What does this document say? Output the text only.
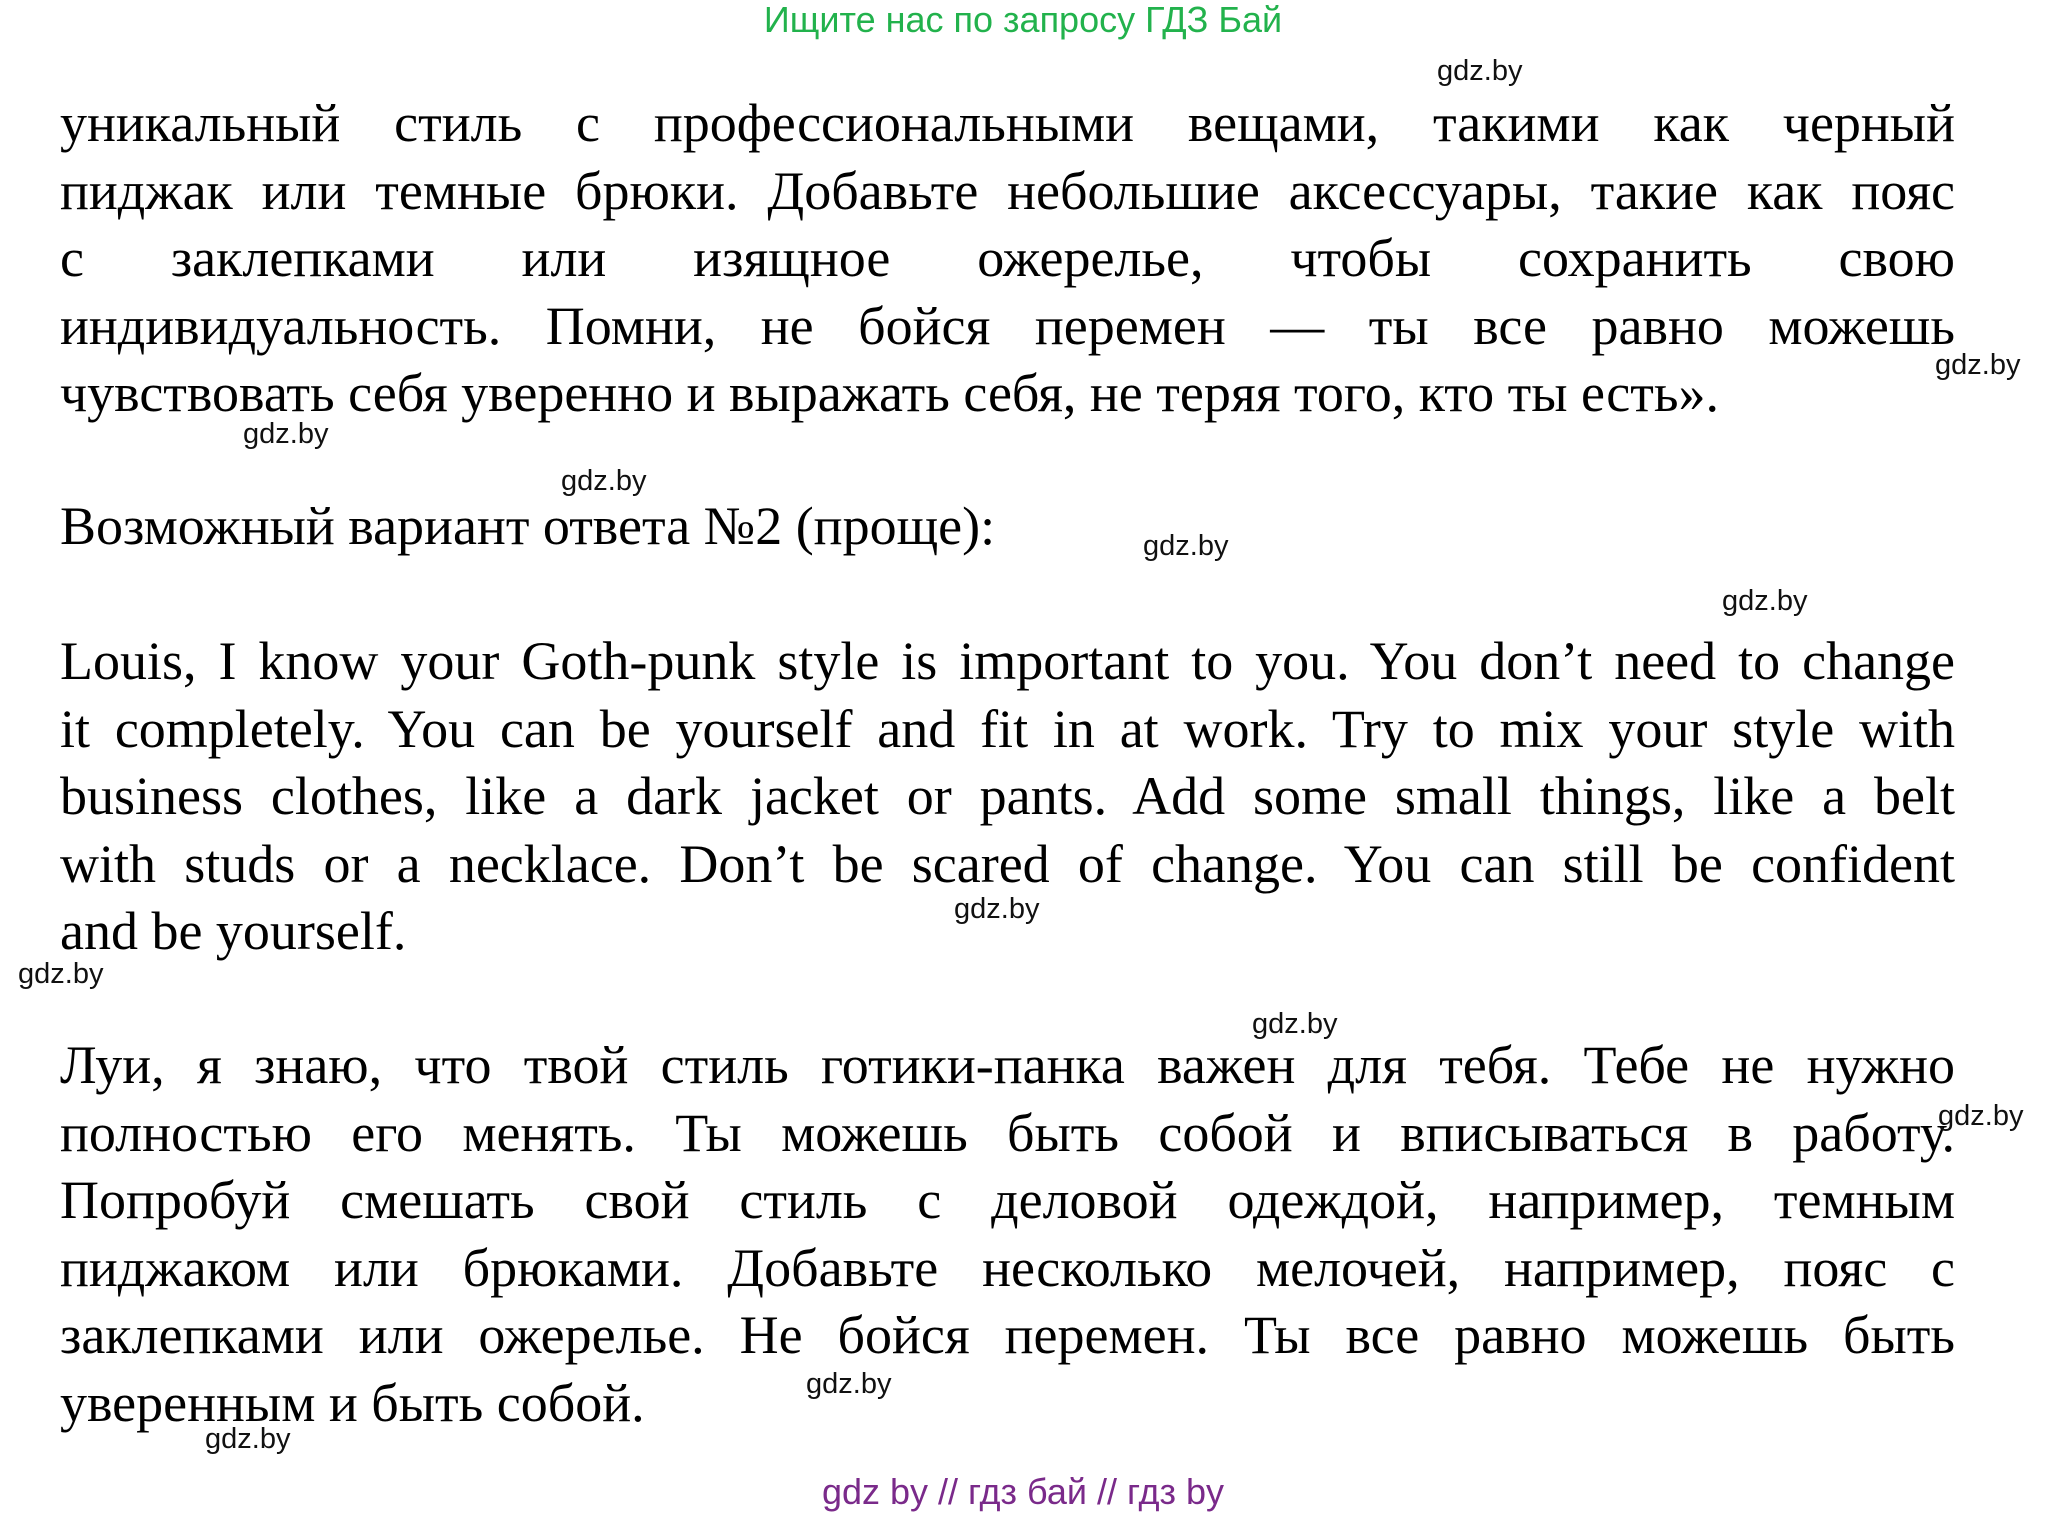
Ищите нас по запросу ГДЗ Бай
уникальный стиль с профессиональными вещами, такими как черный
пиджак или темные брюки. Добавьте небольшие аксессуары, такие как пояс
с заклепками или изящное ожерелье, чтобы сохранить свою
индивидуальность. Помни, не бойся перемен — ты все равно можешь
чувствовать себя уверенно и выражать себя, не теряя того, кто ты есть».
Возможный вариант ответа №2 (проще):
Louis, I know your Goth-punk style is important to you. You don’t need to change
it completely. You can be yourself and fit in at work. Try to mix your style with
business clothes, like a dark jacket or pants. Add some small things, like a belt
with studs or a necklace. Don’t be scared of change. You can still be confident
and be yourself.
Луи, я знаю, что твой стиль готики-панка важен для тебя. Тебе не нужно
полностью его менять. Ты можешь быть собой и вписываться в работу.
Попробуй смешать свой стиль с деловой одеждой, например, темным
пиджаком или брюками. Добавьте несколько мелочей, например, пояс с
заклепками или ожерелье. Не бойся перемен. Ты все равно можешь быть
уверенным и быть собой.
gdz.by
gdz.by
gdz.by
gdz.by
gdz.by
gdz.by
gdz.by
gdz.by
gdz.by
gdz.by
gdz.by
gdz.by
gdz by // гдз бай // гдз by
